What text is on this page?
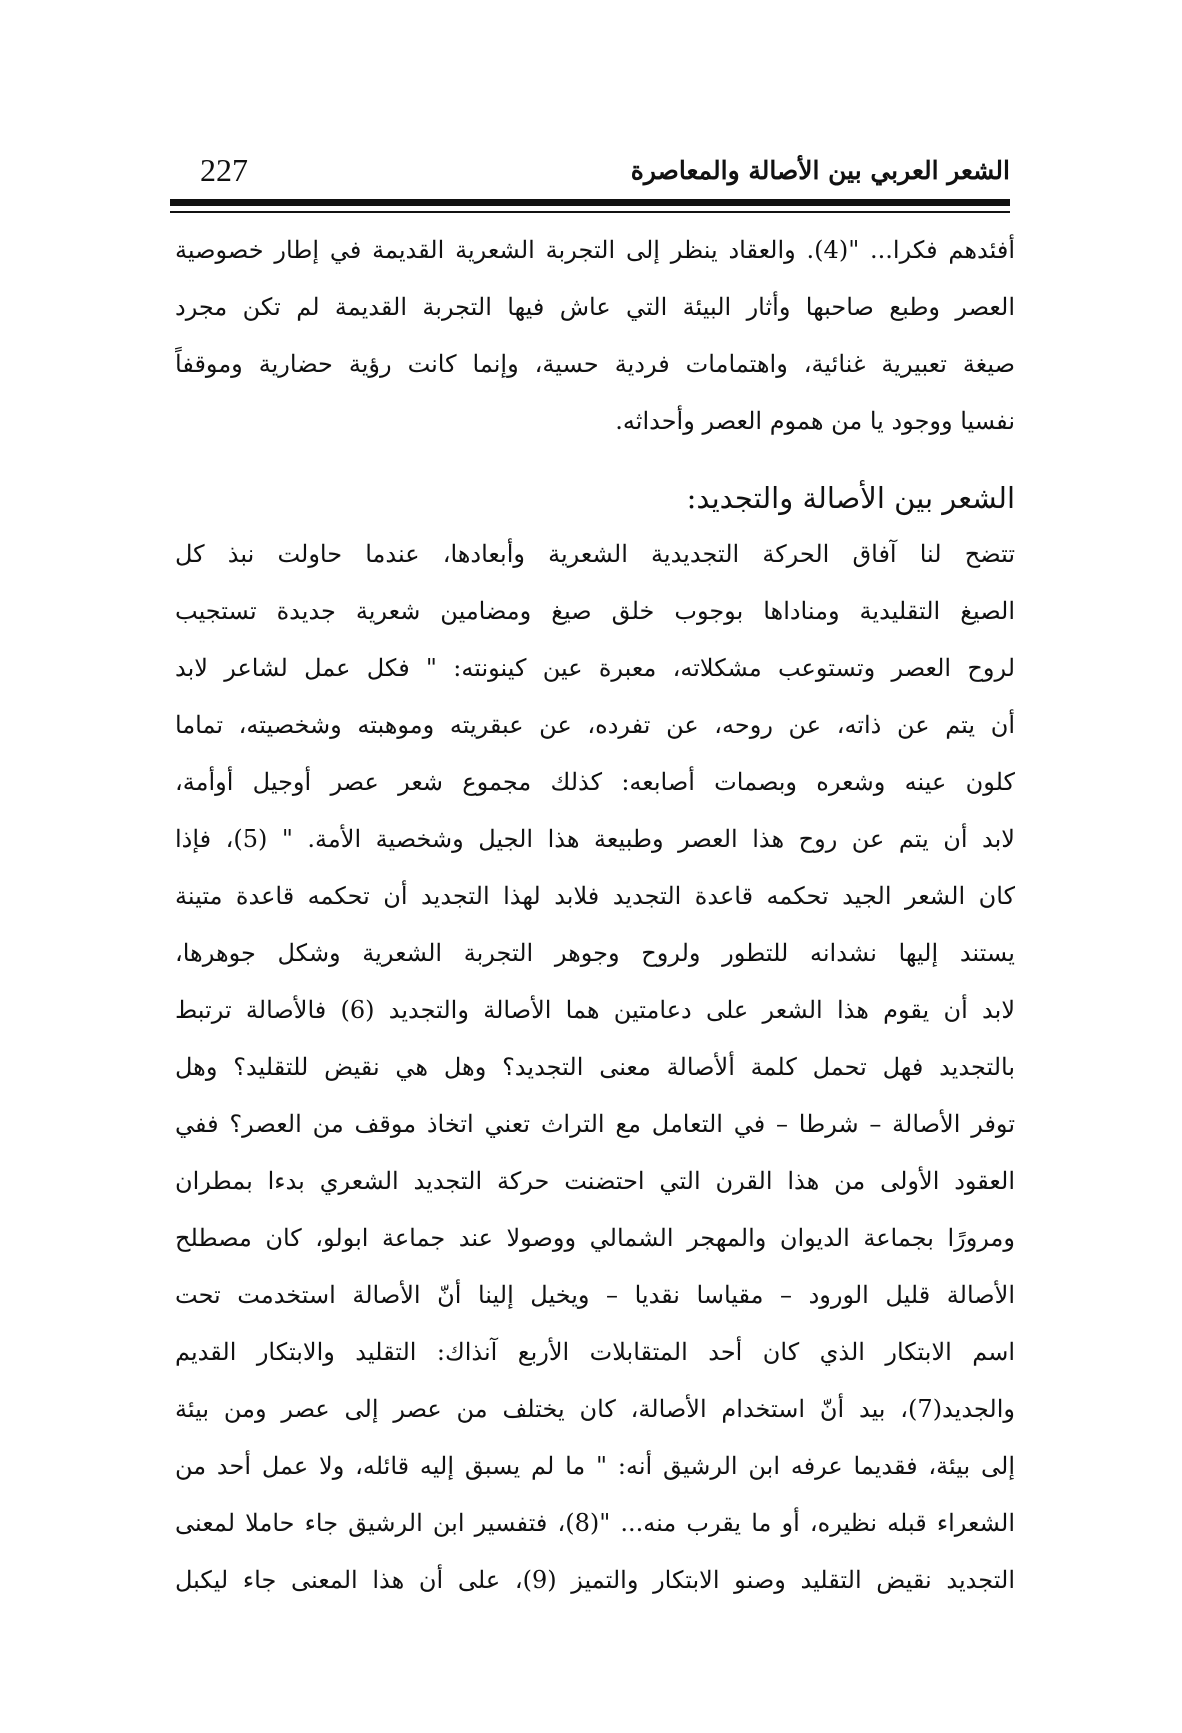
الشعر العربي بين الأصالة والمعاصرة
227
أفئدهم فكرا... "(4). والعقاد ينظر إلى التجربة الشعرية القديمة في إطار خصوصية
العصر وطبع صاحبها وأثار البيئة التي عاش فيها التجربة القديمة لم تكن مجرد
صيغة تعبيرية غنائية، واهتمامات فردية حسية، وإنما كانت رؤية حضارية وموقفاً
نفسيا ووجود يا من هموم العصر وأحداثه.
الشعر بين الأصالة والتجديد:
تتضح لنا آفاق الحركة التجديدية الشعرية وأبعادها، عندما حاولت نبذ كل
الصيغ التقليدية ومناداها بوجوب خلق صيغ ومضامين شعرية جديدة تستجيب
لروح العصر وتستوعب مشكلاته، معبرة عين كينونته: " فكل عمل لشاعر لابد
أن يتم عن ذاته، عن روحه، عن تفرده، عن عبقريته وموهبته وشخصيته، تماما
كلون عينه وشعره وبصمات أصابعه: كذلك مجموع شعر عصر أوجيل أوأمة،
لابد أن يتم عن روح هذا العصر وطبيعة هذا الجيل وشخصية الأمة. " (5)، فإذا
كان الشعر الجيد تحكمه قاعدة التجديد فلابد لهذا التجديد أن تحكمه قاعدة متينة
يستند إليها نشدانه للتطور ولروح وجوهر التجربة الشعرية وشكل جوهرها،
لابد أن يقوم هذا الشعر على دعامتين هما الأصالة والتجديد (6) فالأصالة ترتبط
بالتجديد فهل تحمل كلمة ألأصالة معنى التجديد؟ وهل هي نقيض للتقليد؟ وهل
توفر الأصالة – شرطا – في التعامل مع التراث تعني اتخاذ موقف من العصر؟ ففي
العقود الأولى من هذا القرن التي احتضنت حركة التجديد الشعري بدءا بمطران
ومرورًا بجماعة الديوان والمهجر الشمالي ووصولا عند جماعة ابولو، كان مصطلح
الأصالة قليل الورود – مقياسا نقديا – ويخيل إلينا أنّ الأصالة استخدمت تحت
اسم الابتكار الذي كان أحد المتقابلات الأربع آنذاك: التقليد والابتكار القديم
والجديد(7)، بيد أنّ استخدام الأصالة، كان يختلف من عصر إلى عصر ومن بيئة
إلى بيئة، فقديما عرفه ابن الرشيق أنه: " ما لم يسبق إليه قائله، ولا عمل أحد من
الشعراء قبله نظيره، أو ما يقرب منه... "(8)، فتفسير ابن الرشيق جاء حاملا لمعنى
التجديد نقيض التقليد وصنو الابتكار والتميز (9)، على أن هذا المعنى جاء ليكبل
